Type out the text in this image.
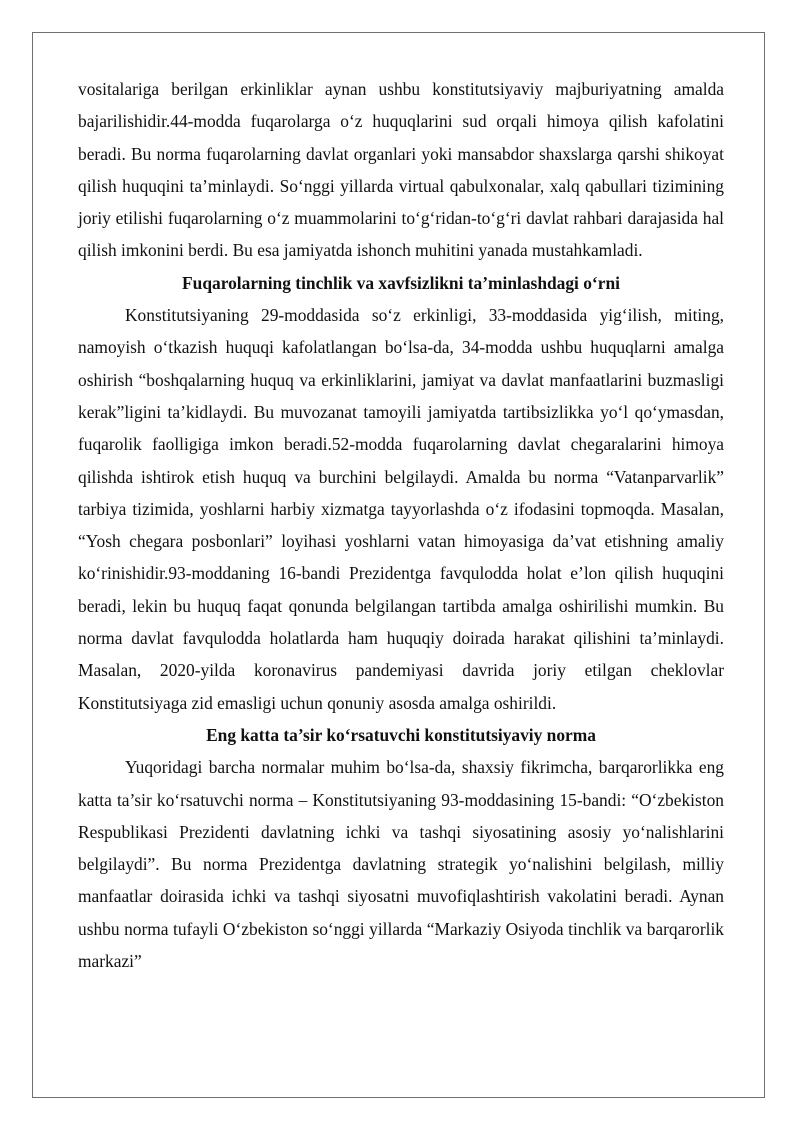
vositalariga berilgan erkinliklar aynan ushbu konstitutsiyaviy majburiyatning amalda bajarilishidir.44-modda fuqarolarga o‘z huquqlarini sud orqali himoya qilish kafolatini beradi. Bu norma fuqarolarning davlat organlari yoki mansabdor shaxslarga qarshi shikoyat qilish huquqini ta’minlaydi. So‘nggi yillarda virtual qabulxonalar, xalq qabullari tizimining joriy etilishi fuqarolarning o‘z muammolarini to‘g‘ridan-to‘g‘ri davlat rahbari darajasida hal qilish imkonini berdi. Bu esa jamiyatda ishonch muhitini yanada mustahkamladi.

Fuqarolarning tinchlik va xavfsizlikni ta’minlashdagi o‘rni

Konstitutsiyaning 29-moddasida so‘z erkinligi, 33-moddasida yig‘ilish, miting, namoyish o‘tkazish huquqi kafolatlangan bo‘lsa-da, 34-modda ushbu huquqlarni amalga oshirish “boshqalarning huquq va erkinliklarini, jamiyat va davlat manfaatlarini buzmasligi kerak”ligini ta’kidlaydi. Bu muvozanat tamoyili jamiyatda tartibsizlikka yo‘l qo‘ymasdan, fuqarolik faolligiga imkon beradi.52-modda fuqarolarning davlat chegaralarini himoya qilishda ishtirok etish huquq va burchini belgilaydi. Amalda bu norma “Vatanparvarlik” tarbiya tizimida, yoshlarni harbiy xizmatga tayyorlashda o‘z ifodasini topmoqda. Masalan, “Yosh chegara posbonlari” loyihasi yoshlarni vatan himoyasiga da’vat etishning amaliy ko‘rinishidir.93-moddaning 16-bandi Prezidentga favqulodda holat e’lon qilish huquqini beradi, lekin bu huquq faqat qonunda belgilangan tartibda amalga oshirilishi mumkin. Bu norma davlat favqulodda holatlarda ham huquqiy doirada harakat qilishini ta’minlaydi. Masalan, 2020-yilda koronavirus pandemiyasi davrida joriy etilgan cheklovlar Konstitutsiyaga zid emasligi uchun qonuniy asosda amalga oshirildi.

Eng katta ta’sir ko‘rsatuvchi konstitutsiyaviy norma

Yuqoridagi barcha normalar muhim bo‘lsa-da, shaxsiy fikrimcha, barqarorlikka eng katta ta’sir ko‘rsatuvchi norma – Konstitutsiyaning 93-moddasining 15-bandi: “O‘zbekiston Respublikasi Prezidenti davlatning ichki va tashqi siyosatining asosiy yo‘nalishlarini belgilaydi”. Bu norma Prezidentga davlatning strategik yo‘nalishini belgilash, milliy manfaatlar doirasida ichki va tashqi siyosatni muvofiqlashtirish vakolatini beradi. Aynan ushbu norma tufayli O‘zbekiston so‘nggi yillarda “Markaziy Osiyoda tinchlik va barqarorlik markazi”
